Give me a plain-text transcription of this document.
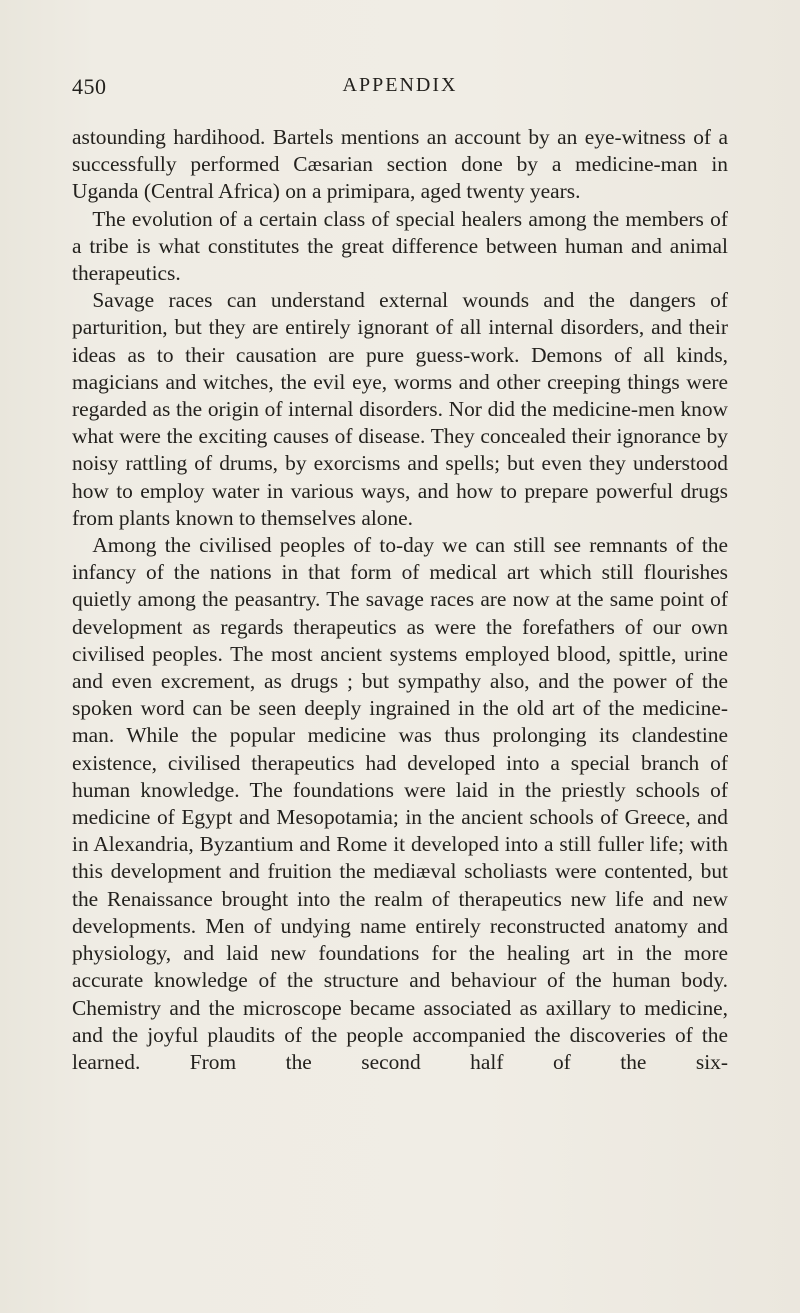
450	APPENDIX

astounding hardihood. Bartels mentions an account by an eye-witness of a successfully performed Cæsarian section done by a medicine-man in Uganda (Central Africa) on a primipara, aged twenty years.

The evolution of a certain class of special healers among the members of a tribe is what constitutes the great difference between human and animal therapeutics.

Savage races can understand external wounds and the dangers of parturition, but they are entirely ignorant of all internal disorders, and their ideas as to their causation are pure guess-work. Demons of all kinds, magicians and witches, the evil eye, worms and other creeping things were regarded as the origin of internal disorders. Nor did the medicine-men know what were the exciting causes of disease. They concealed their ignorance by noisy rattling of drums, by exorcisms and spells; but even they understood how to employ water in various ways, and how to prepare powerful drugs from plants known to themselves alone.

Among the civilised peoples of to-day we can still see remnants of the infancy of the nations in that form of medical art which still flourishes quietly among the peasantry. The savage races are now at the same point of development as regards therapeutics as were the forefathers of our own civilised peoples. The most ancient systems employed blood, spittle, urine and even excrement, as drugs ; but sympathy also, and the power of the spoken word can be seen deeply ingrained in the old art of the medicine-man. While the popular medicine was thus prolonging its clandestine existence, civilised therapeutics had developed into a special branch of human knowledge. The foundations were laid in the priestly schools of medicine of Egypt and Mesopotamia; in the ancient schools of Greece, and in Alexandria, Byzantium and Rome it developed into a still fuller life; with this development and fruition the mediæval scholiasts were contented, but the Renaissance brought into the realm of therapeutics new life and new developments. Men of undying name entirely reconstructed anatomy and physiology, and laid new foundations for the healing art in the more accurate knowledge of the structure and behaviour of the human body. Chemistry and the microscope became associated as axillary to medicine, and the joyful plaudits of the people accompanied the discoveries of the learned. From the second half of the six-
